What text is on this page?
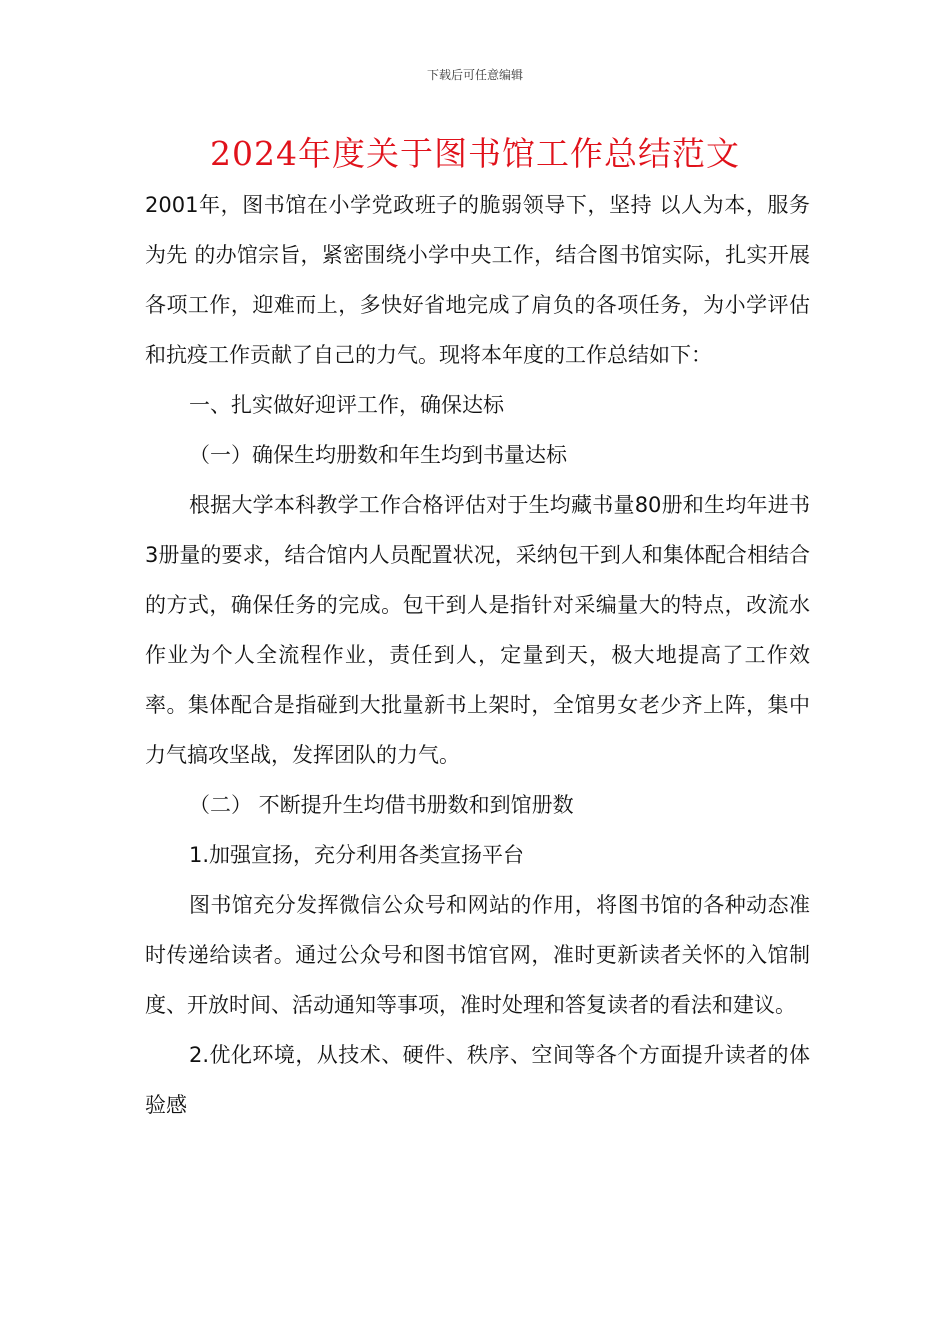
下载后可任意编辑
2024年度关于图书馆工作总结范文

2001年，图书馆在小学党政班子的脆弱领导下，坚持 以人为本，服务为先 的办馆宗旨，紧密围绕小学中央工作，结合图书馆实际，扎实开展各项工作，迎难而上，多快好省地完成了肩负的各项任务，为小学评估和抗疫工作贡献了自己的力气。现将本年度的工作总结如下：

一、扎实做好迎评工作，确保达标

（一）确保生均册数和年生均到书量达标

根据大学本科教学工作合格评估对于生均藏书量80册和生均年进书3册量的要求，结合馆内人员配置状况，采纳包干到人和集体配合相结合的方式，确保任务的完成。包干到人是指针对采编量大的特点，改流水作业为个人全流程作业，责任到人，定量到天，极大地提高了工作效率。集体配合是指碰到大批量新书上架时，全馆男女老少齐上阵，集中力气搞攻坚战，发挥团队的力气。

（二） 不断提升生均借书册数和到馆册数

1.加强宣扬，充分利用各类宣扬平台

图书馆充分发挥微信公众号和网站的作用，将图书馆的各种动态准时传递给读者。通过公众号和图书馆官网，准时更新读者关怀的入馆制度、开放时间、活动通知等事项，准时处理和答复读者的看法和建议。

2.优化环境，从技术、硬件、秩序、空间等各个方面提升读者的体验感
